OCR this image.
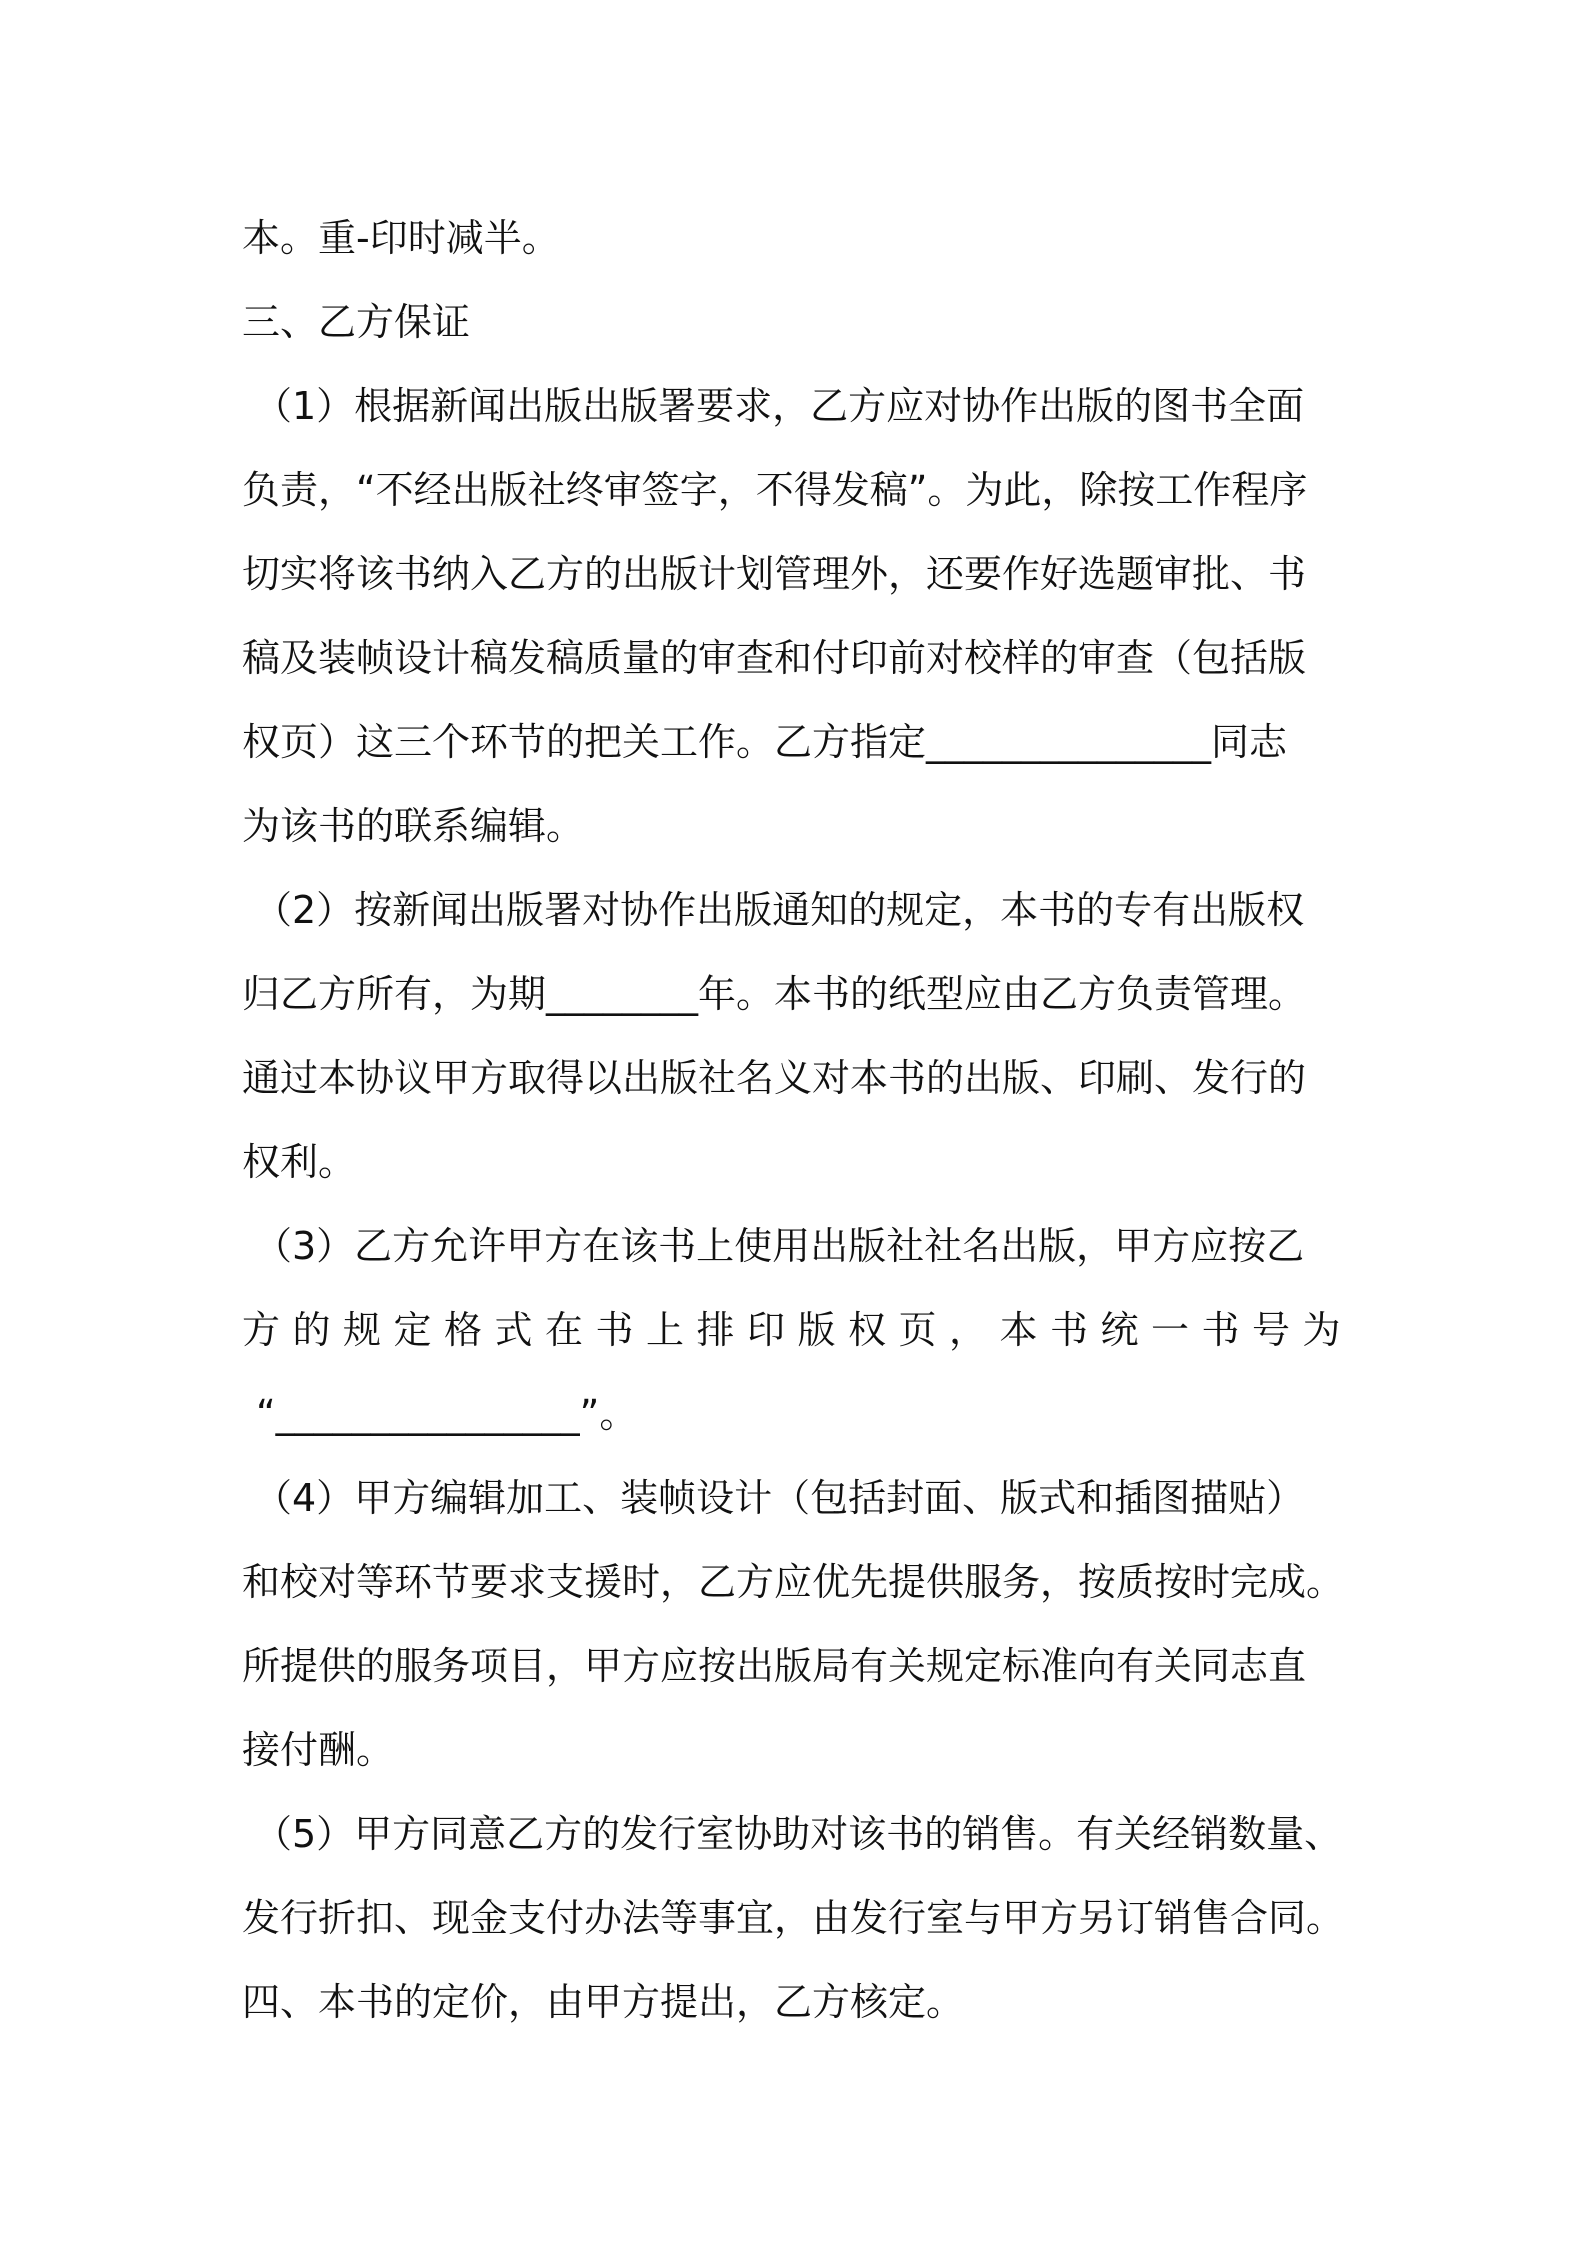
本。重-印时减半。
三、乙方保证
（1）根据新闻出版出版署要求，乙方应对协作出版的图书全面
负责，“不经出版社终审签字，不得发稿”。为此，除按工作程序
切实将该书纳入乙方的出版计划管理外，还要作好选题审批、书
稿及装帧设计稿发稿质量的审查和付印前对校样的审查（包括版
权页）这三个环节的把关工作。乙方指定_______________同志
为该书的联系编辑。
（2）按新闻出版署对协作出版通知的规定，本书的专有出版权
归乙方所有，为期________年。本书的纸型应由乙方负责管理。
通过本协议甲方取得以出版社名义对本书的出版、印刷、发行的
权利。
（3）乙方允许甲方在该书上使用出版社社名出版，甲方应按乙
方的规定格式在书上排印版权页，本书统一书号为
“________________”。
（4）甲方编辑加工、装帧设计（包括封面、版式和插图描贴）
和校对等环节要求支援时，乙方应优先提供服务，按质按时完成。
所提供的服务项目，甲方应按出版局有关规定标准向有关同志直
接付酬。
（5）甲方同意乙方的发行室协助对该书的销售。有关经销数量、
发行折扣、现金支付办法等事宜，由发行室与甲方另订销售合同。
四、本书的定价，由甲方提出，乙方核定。
